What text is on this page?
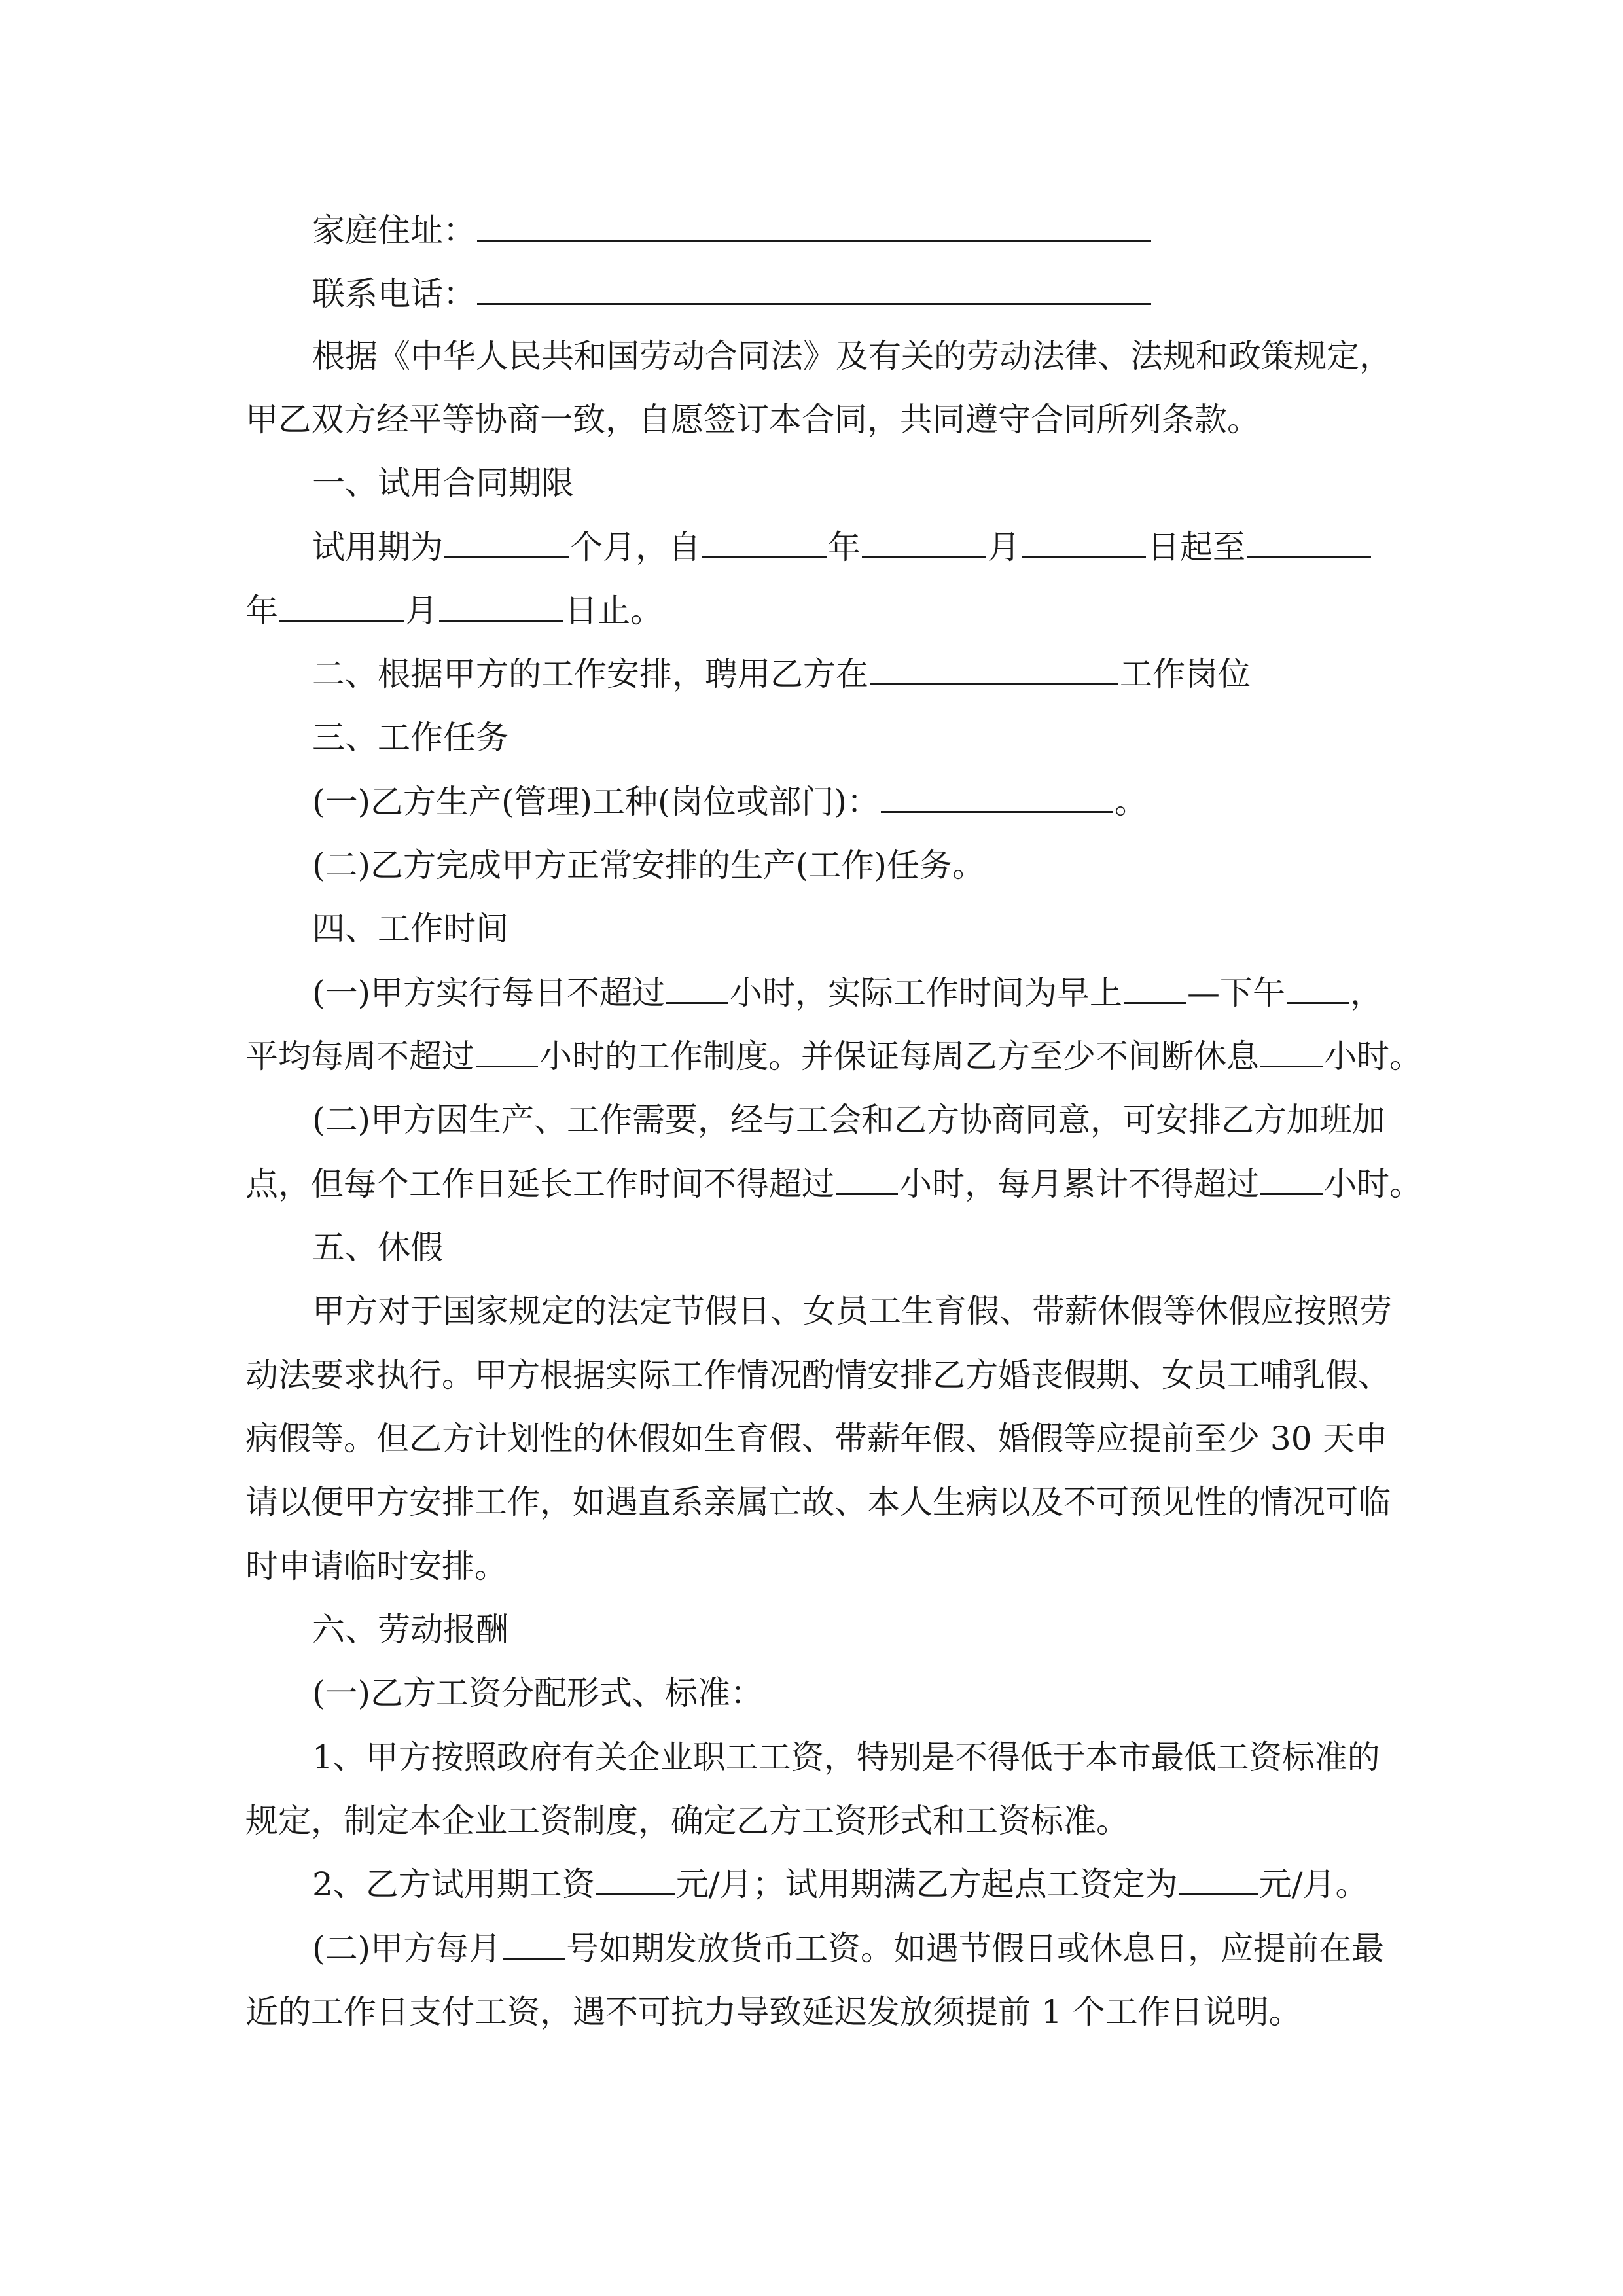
家庭住址：
联系电话：
根据《中华人民共和国劳动合同法》及有关的劳动法律、法规和政策规定，
甲乙双方经平等协商一致，自愿签订本合同，共同遵守合同所列条款。
一、试用合同期限
试用期为	个月，自	年	月	日起至
年	月	日止。
二、根据甲方的工作安排，聘用乙方在	工作岗位
三、工作任务
(一)乙方生产(管理)工种(岗位或部门)：	。
(二)乙方完成甲方正常安排的生产(工作)任务。
四、工作时间
(一)甲方实行每日不超过 小时，实际工作时间为早上 —下午 ，
平均每周不超过 小时的工作制度。并保证每周乙方至少不间断休息 小时。
(二)甲方因生产、工作需要，经与工会和乙方协商同意，可安排乙方加班加
点，但每个工作日延长工作时间不得超过 小时，每月累计不得超过 小时。
五、休假
甲方对于国家规定的法定节假日、女员工生育假、带薪休假等休假应按照劳
动法要求执行。甲方根据实际工作情况酌情安排乙方婚丧假期、女员工哺乳假、
病假等。但乙方计划性的休假如生育假、带薪年假、婚假等应提前至少 30 天申
请以便甲方安排工作，如遇直系亲属亡故、本人生病以及不可预见性的情况可临
时申请临时安排。
六、劳动报酬
(一)乙方工资分配形式、标准：
1、甲方按照政府有关企业职工工资，特别是不得低于本市最低工资标准的
规定，制定本企业工资制度，确定乙方工资形式和工资标准。
2、乙方试用期工资 元/月；试用期满乙方起点工资定为 元/月。
(二)甲方每月 号如期发放货币工资。如遇节假日或休息日，应提前在最
近的工作日支付工资，遇不可抗力导致延迟发放须提前 1 个工作日说明。
